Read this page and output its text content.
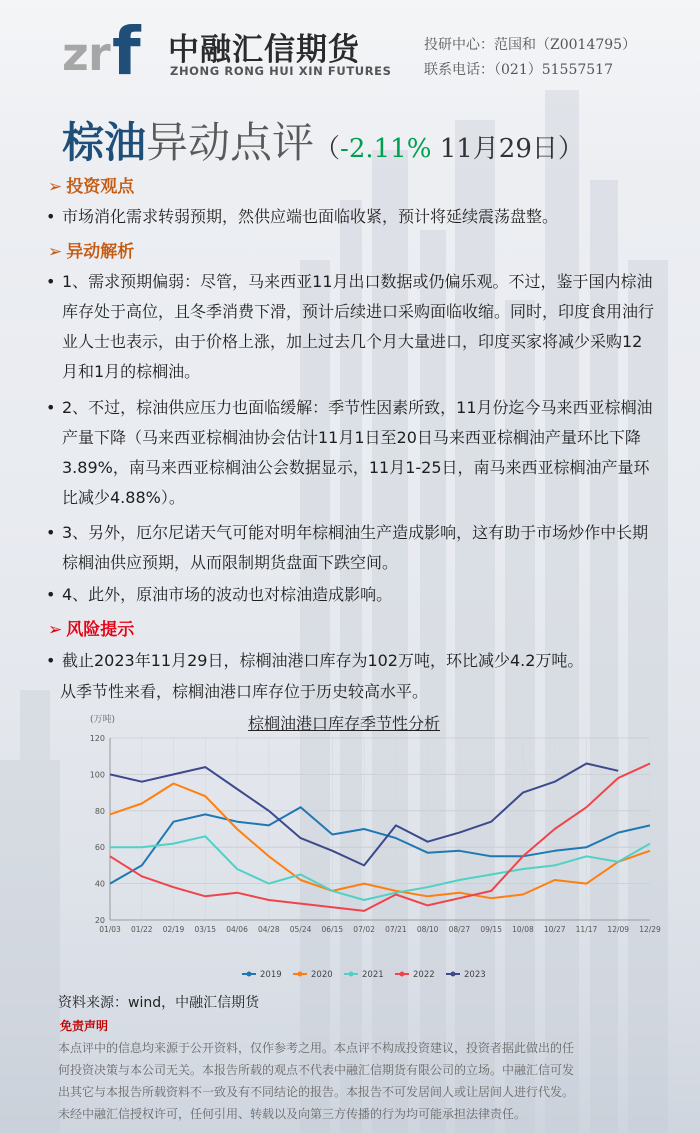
z r f 中融汇信期货
ZHONG RONG HUI XIN FUTURES
投研中心：范国和（Z0014795）
联系电话：（021）51557517
棕油异动点评（-2.11% 11月29日）
➢ 投资观点
• 市场消化需求转弱预期，然供应端也面临收紧，预计将延续震荡盘整。
➢ 异动解析
• 1、需求预期偏弱：尽管，马来西亚11月出口数据或仍偏乐观。不过，鉴于国内棕油库存处于高位，且冬季消费下滑，预计后续进口采购面临收缩。同时，印度食用油行业人士也表示，由于价格上涨，加上过去几个月大量进口，印度买家将减少采购12月和1月的棕榈油。
• 2、不过，棕油供应压力也面临缓解：季节性因素所致，11月份迄今马来西亚棕榈油产量下降（马来西亚棕榈油协会估计11月1日至20日马来西亚棕榈油产量环比下降3.89%，南马来西亚棕榈油公会数据显示，11月1-25日，南马来西亚棕榈油产量环比减少4.88%）。
• 3、另外，厄尔尼诺天气可能对明年棕榈油生产造成影响，这有助于市场炒作中长期棕榈油供应预期，从而限制期货盘面下跌空间。
• 4、此外，原油市场的波动也对棕油造成影响。
➢ 风险提示
• 截止2023年11月29日，棕榈油港口库存为102万吨，环比减少4.2万吨。
从季节性来看，棕榈油港口库存位于历史较高水平。
棕榈油港口库存季节性分析
(万吨)
20
40
60
80
100
120
01/03 01/22 02/19 03/15 04/06 04/28 05/24 06/15 07/02 07/21 08/10 08/27 09/15 10/08 10/27 11/17 12/09 12/29
2019	2020	2021	2022	2023
资料来源：wind，中融汇信期货
免责声明
本点评中的信息均来源于公开资料，仅作参考之用。本点评不构成投资建议，投资者据此做出的任
何投资决策与本公司无关。本报告所载的观点不代表中融汇信期货有限公司的立场。中融汇信可发
出其它与本报告所载资料不一致及有不同结论的报告。本报告不可发居间人或让居间人进行代发。
未经中融汇信授权许可，任何引用、转载以及向第三方传播的行为均可能承担法律责任。
